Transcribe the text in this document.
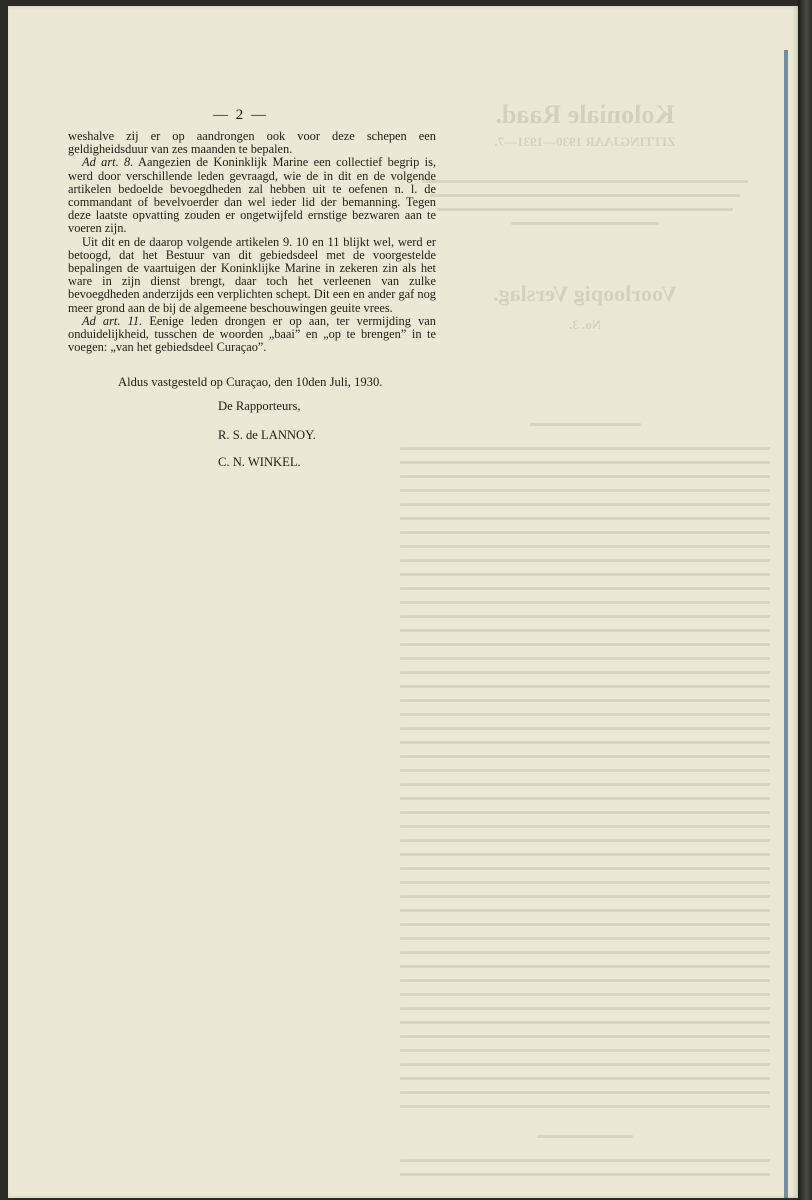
Koloniale Raad.
ZITTINGJAAR 1930—1931—7.
Voorloopig Verslag.
No. 3.
— 2 —

weshalve zij er op aandrongen ook voor deze schepen een geldigheidsduur van zes maanden te bepalen.

Ad art. 8. Aangezien de Koninklijk Marine een collectief begrip is, werd door verschillende leden gevraagd, wie de in dit en de volgende artikelen bedoelde bevoegdheden zal hebben uit te oefenen n. l. de commandant of bevelvoerder dan wel ieder lid der bemanning. Tegen deze laatste opvatting zouden er ongetwijfeld ernstige bezwaren aan te voeren zijn.

Uit dit en de daarop volgende artikelen 9. 10 en 11 blijkt wel, werd er betoogd, dat het Bestuur van dit gebiedsdeel met de voorgestelde bepalingen de vaartuigen der Koninklijke Marine in zekeren zin als het ware in zijn dienst brengt, daar toch het verleenen van zulke bevoegdheden anderzijds een verplichten schept. Dit een en ander gaf nog meer grond aan de bij de algemeene beschouwingen geuite vrees.

Ad art. 11. Eenige leden drongen er op aan, ter vermijding van onduidelijkheid, tusschen de woorden „baai” en „op te brengen” in te voegen: „van het gebiedsdeel Curaçao”.

Aldus vastgesteld op Curaçao, den 10den Juli, 1930.
De Rapporteurs,
R. S. de LANNOY.
C. N. WINKEL.
